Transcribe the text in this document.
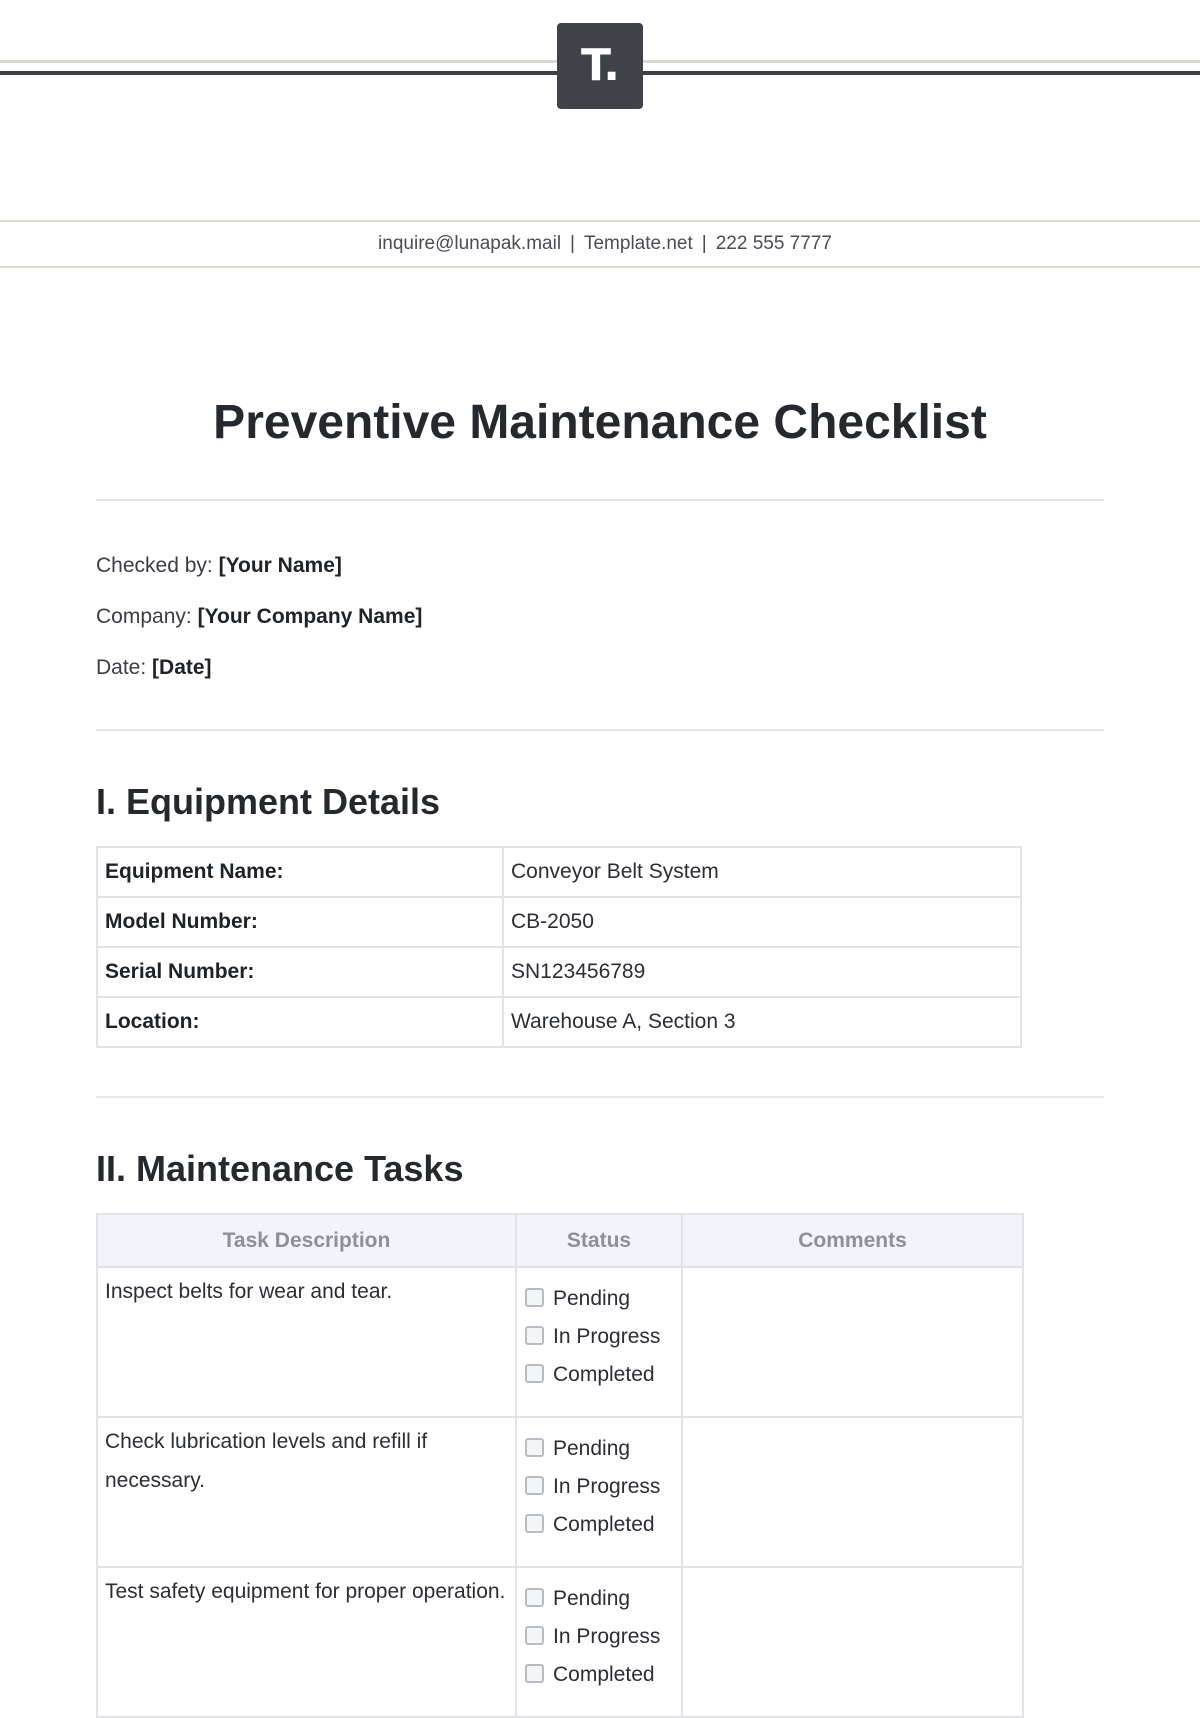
T.
inquire@lunapak.mail | Template.net | 222 555 7777
Preventive Maintenance Checklist
Checked by: [Your Name]
Company: [Your Company Name]
Date: [Date]
I. Equipment Details
Equipment Name:	Conveyor Belt System
Model Number:	CB-2050
Serial Number:	SN123456789
Location:	Warehouse A, Section 3
II. Maintenance Tasks
Task Description	Status	Comments
Inspect belts for wear and tear.	Pending
In Progress
Completed	

Check lubrication levels and refill if necessary.	Pending
In Progress
Completed	

Test safety equipment for proper operation.	Pending
In Progress
Completed	
